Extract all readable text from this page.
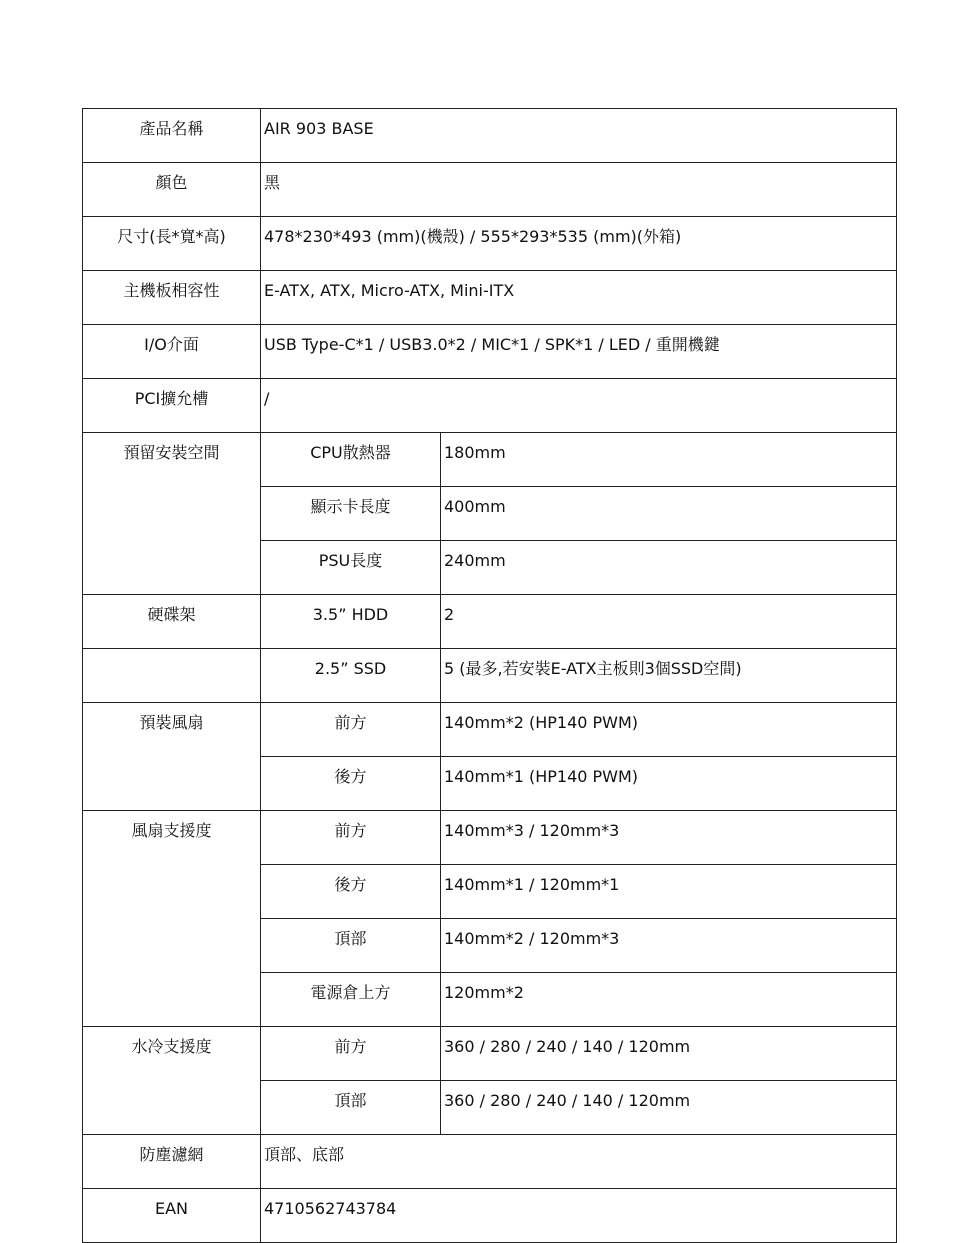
產品名稱	AIR 903 BASE	
顏色	黑	
尺寸(長*寬*高)	478*230*493 (mm)(機殼) / 555*293*535 (mm)(外箱)	
主機板相容性	E-ATX, ATX, Micro-ATX, Mini-ITX	
I/O介面	USB Type-C*1 / USB3.0*2 / MIC*1 / SPK*1 / LED / 重開機鍵	
PCI擴允槽	/	
預留安裝空間	CPU散熱器	180mm
	顯示卡長度	400mm
	PSU長度	240mm
硬碟架	3.5” HDD	2
	2.5” SSD	5 (最多,若安裝E-ATX主板則3個SSD空間)
預裝風扇	前方	140mm*2 (HP140 PWM)
	後方	140mm*1 (HP140 PWM)
風扇支援度	前方	140mm*3 / 120mm*3
	後方	140mm*1 / 120mm*1
	頂部	140mm*2 / 120mm*3
	電源倉上方	120mm*2
水冷支援度	前方	360 / 280 / 240 / 140 / 120mm
	頂部	360 / 280 / 240 / 140 / 120mm
防塵濾網	頂部、底部	
EAN	4710562743784	
